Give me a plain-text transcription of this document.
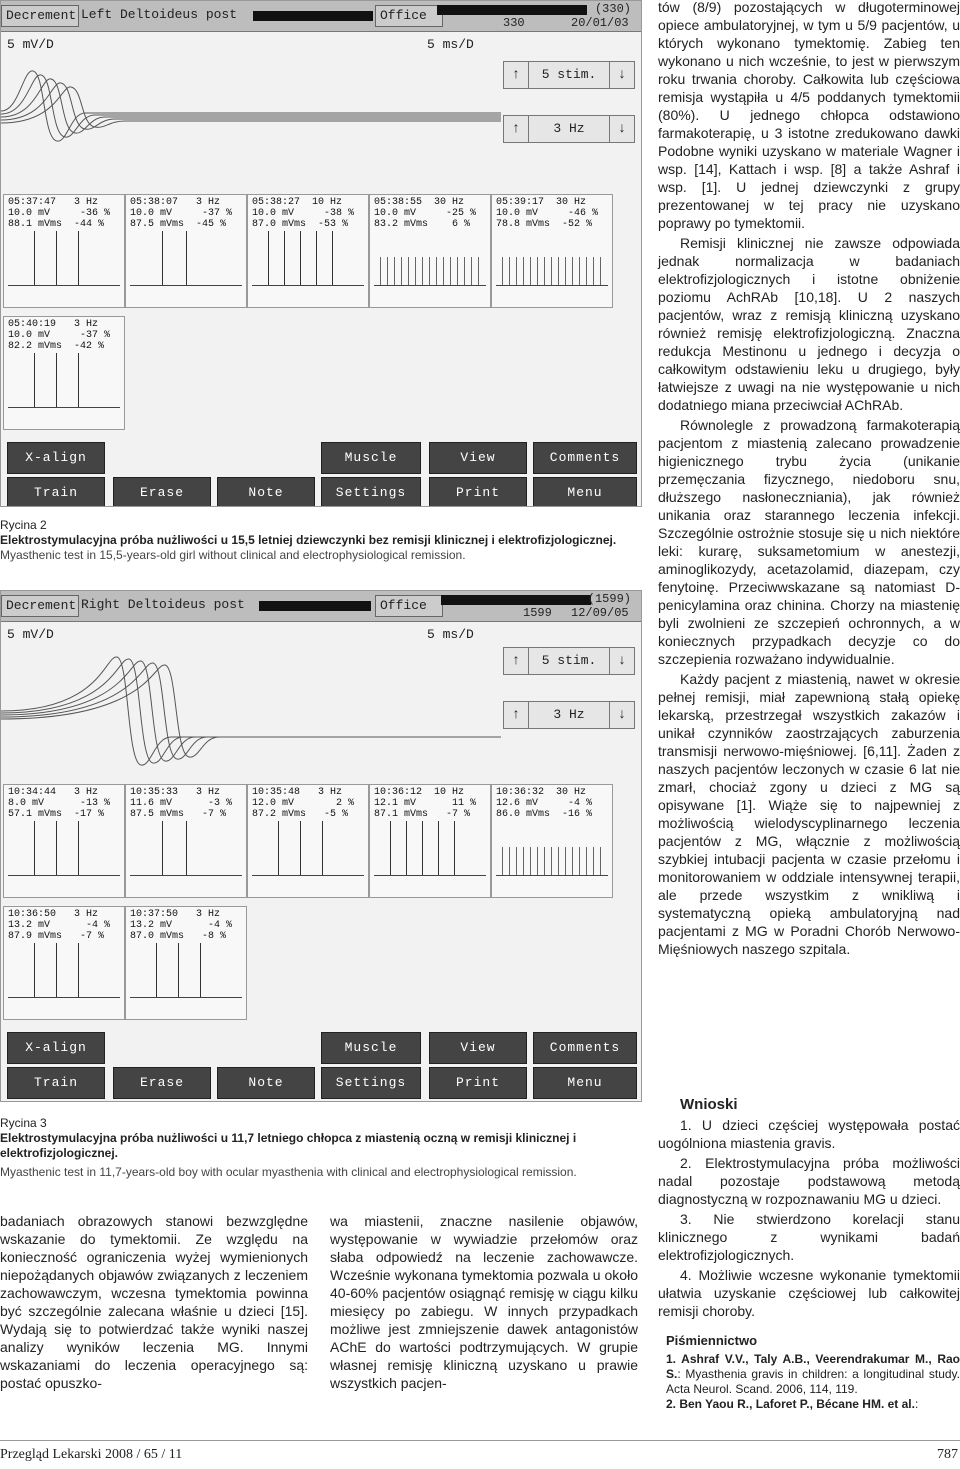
Decrement Left Deltoideus post	Office	(330)
330	20/01/03
5 mV/D	5 ms/D
↑	5 stim.	↓
↑	3 Hz	↓
05:37:47 3 Hz
10.0 mV	-36 %
88.1 mVms -44 %
05:38:07 3 Hz
10.0 mV	-37 %
87.5 mVms -45 %
05:38:27 10 Hz
10.0 mV	-38 %
87.0 mVms -53 %
05:38:55 30 Hz
10.0 mV	-25 %
83.2 mVms 6 %
05:39:17 30 Hz
10.0 mV	-46 %
78.8 mVms -52 %
05:40:19 3 Hz
10.0 mV	-37 %
82.2 mVms -42 %
X-align	Muscle	View	Comments
Train	Erase	Note	Settings	Print	Menu
Rycina 2
Elektrostymulacyjna próba nużliwości u 15,5 letniej dziewczynki bez remisji klinicznej i elektrofizjologicznej.
Myasthenic test in 15,5-years-old girl without clinical and electrophysiological remission.
Decrement Right Deltoideus post	Office	(1599)
1599 12/09/05
5 mV/D	5 ms/D
↑	5 stim.	↓
↑	3 Hz	↓
10:34:44 3 Hz
8.0 mV	-13 %
57.1 mVms -17 %
10:35:33 3 Hz
11.6 mV	-3 %
87.5 mVms -7 %
10:35:48 3 Hz
12.0 mV	2 %
87.2 mVms -5 %
10:36:12 10 Hz
12.1 mV	11 %
87.1 mVms -7 %
10:36:32 30 Hz
12.6 mV	-4 %
86.0 mVms -16 %
10:36:50 3 Hz
13.2 mV	-4 %
87.9 mVms -7 %
10:37:50 3 Hz
13.2 mV	-4 %
87.0 mVms -8 %
X-align	Muscle	View	Comments
Train	Erase	Note	Settings	Print	Menu
Rycina 3
Elektrostymulacyjna próba nużliwości u 11,7 letniego chłopca z miastenią oczną w remisji klinicznej i elektrofizjologicznej.
Myasthenic test in 11,7-years-old boy with ocular myasthenia with clinical and electrophysiological remission.

badaniach obrazowych stanowi bezwzględne wskazanie do tymektomii. Ze względu na konieczność ograniczenia wyżej wymienionych niepożądanych objawów związanych z leczeniem zachowawczym, wczesna tymektomia powinna być szczególnie zalecana właśnie u dzieci [15]. Wydają się to potwierdzać także wyniki naszej analizy wyników leczenia MG. Innymi wskazaniami do leczenia operacyjnego są: postać opuszko-

wa miastenii, znaczne nasilenie objawów, występowanie w wywiadzie przełomów oraz słaba odpowiedź na leczenie zachowawcze. Wcześnie wykonana tymektomia pozwala u około 40-60% pacjentów osiągnąć remisję w ciągu kilku miesięcy po zabiegu. W innych przypadkach możliwe jest zmniejszenie dawek antagonistów AChE do wartości podtrzymujących. W grupie własnej remisję kliniczną uzyskano u prawie wszystkich pacjen-

tów (8/9) pozostających w długoterminowej opiece ambulatoryjnej, w tym u 5/9 pacjentów, u których wykonano tymektomię. Zabieg ten wykonano u nich wcześnie, to jest w pierwszym roku trwania choroby. Całkowita lub częściowa remisja wystąpiła u 4/5 poddanych tymektomii (80%). U jednego chłopca odstawiono farmakoterapię, u 3 istotne zredukowano dawki Podobne wyniki uzyskano w materiale Wagner i wsp. [14], Kattach i wsp. [8] a także Ashraf i wsp. [1]. U jednej dziewczynki z grupy prezentowanej w tej pracy nie uzyskano poprawy po tymektomii.

Remisji klinicznej nie zawsze odpowiada jednak normalizacja w badaniach elektrofizjologicznych i istotne obniżenie poziomu AchRAb [10,18]. U 2 naszych pacjentów, wraz z remisją kliniczną uzyskano również remisję elektrofizjologiczną. Znaczna redukcja Mestinonu u jednego i decyzja o całkowitym odstawieniu leku u drugiego, były łatwiejsze z uwagi na nie występowanie u nich dodatniego miana przeciwciał AChRAb.

Równolegle z prowadzoną farmakoterapią pacjentom z miastenią zalecano prowadzenie higienicznego trybu życia (unikanie przemęczania fizycznego, niedoboru snu, dłuższego nasłoneczniania), jak również unikania oraz starannego leczenia infekcji. Szczególnie ostrożnie stosuje się u nich niektóre leki: kurarę, suksametomium w anestezji, aminoglikozydy, acetazolamid, diazepam, czy fenytoinę. Przeciwwskazane są natomiast D-penicylamina oraz chinina. Chorzy na miastenię byli zwolnieni ze szczepień ochronnych, a w koniecznych przypadkach decyzje co do szczepienia rozważano indywidualnie.

Każdy pacjent z miastenią, nawet w okresie pełnej remisji, miał zapewnioną stałą opiekę lekarską, przestrzegał wszystkich zakazów i unikał czynników zaostrzających zaburzenia transmisji nerwowo-mięśniowej. [6,11]. Żaden z naszych pacjentów leczonych w czasie 6 lat nie zmarł, chociaż zgony u dzieci z MG są opisywane [1]. Wiąże się to najpewniej z możliwością wielodyscyplinarnego leczenia pacjentów z MG, włącznie z możliwością szybkiej intubacji pacjenta w czasie przełomu i monitorowaniem w oddziale intensywnej terapii, ale przede wszystkim z wnikliwą i systematyczną opieką ambulatoryjną nad pacjentami z MG w Poradni Chorób Nerwowo-Mięśniowych naszego szpitala.

Wnioski

1. U dzieci częściej występowała postać uogólniona miastenia gravis.

2. Elektrostymulacyjna próba możliwości nadal pozostaje podstawową metodą diagnostyczną w rozpoznawaniu MG u dzieci.

3. Nie stwierdzono korelacji stanu klinicznego z wynikami badań elektrofizjologicznych.

4. Możliwie wczesne wykonanie tymektomii ułatwia uzyskanie częściowej lub całkowitej remisji choroby.

Piśmiennictwo
1. Ashraf V.V., Taly A.B., Veerendrakumar M., Rao S.: Myasthenia gravis in children: a longitudinal study. Acta Neurol. Scand. 2006, 114, 119.
2. Ben Yaou R., Laforet P., Bécane HM. et al.:
Przegląd Lekarski 2008 / 65 / 11	787
